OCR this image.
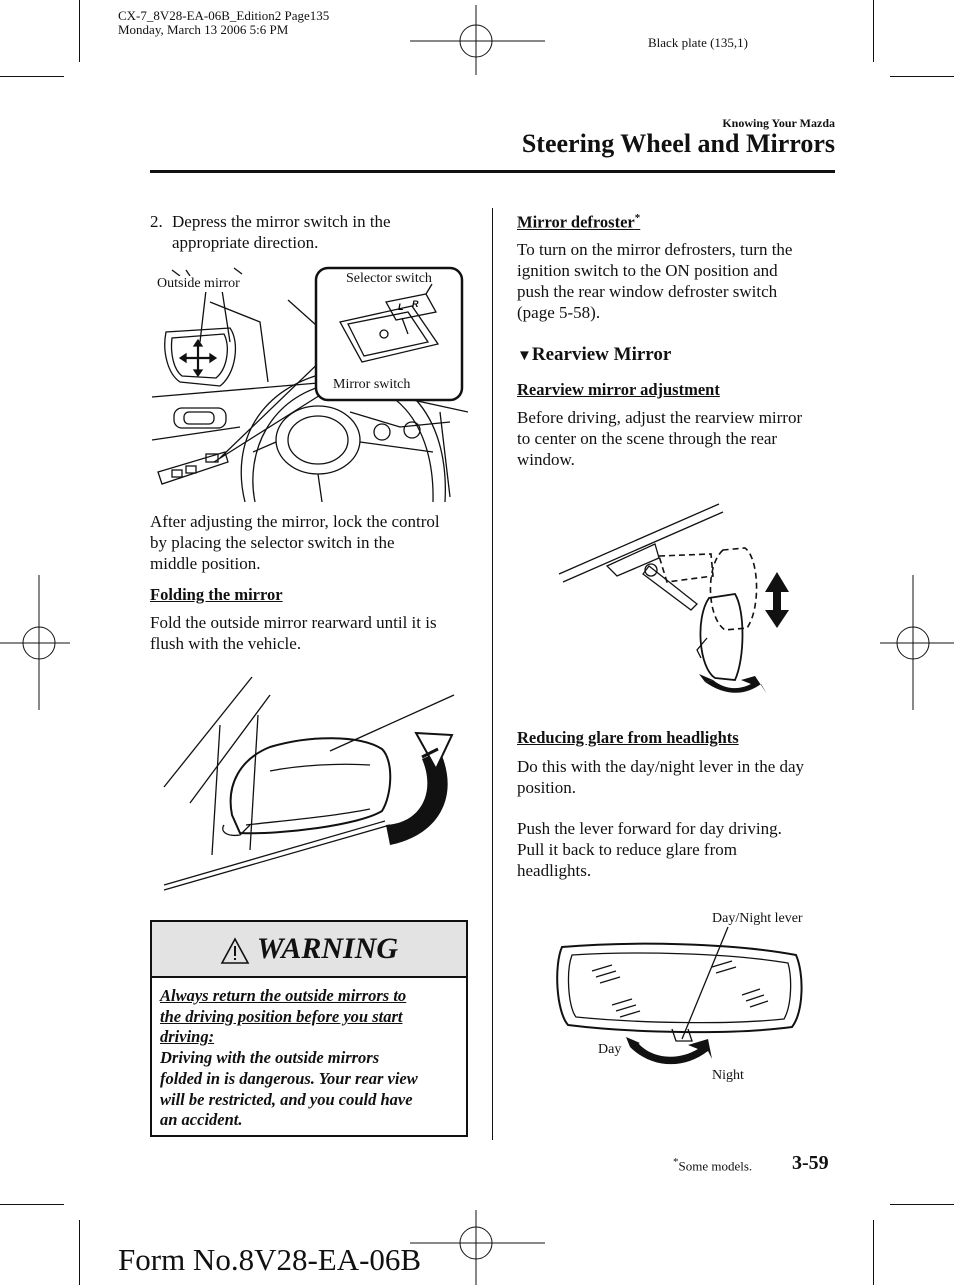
CX-7_8V28-EA-06B_Edition2 Page135
Monday, March 13 2006 5:6 PM
Black plate (135,1)
Knowing Your Mazda
Steering Wheel and Mirrors
2. Depress the mirror switch in the
appropriate direction.
L R
Outside mirror	Selector switch
Mirror switch
After adjusting the mirror, lock the control
by placing the selector switch in the
middle position.
Folding the mirror
Fold the outside mirror rearward until it is
flush with the vehicle.
WARNING
Always return the outside mirrors to
the driving position before you start
driving:
Driving with the outside mirrors
folded in is dangerous. Your rear view
will be restricted, and you could have
an accident.
Mirror defroster*
To turn on the mirror defrosters, turn the
ignition switch to the ON position and
push the rear window defroster switch
(page 5-58).
▼Rearview Mirror
Rearview mirror adjustment
Before driving, adjust the rearview mirror
to center on the scene through the rear
window.
Reducing glare from headlights
Do this with the day/night lever in the day
position.
Push the lever forward for day driving.
Pull it back to reduce glare from
headlights.
Day/Night lever
Day
Night
*Some models. 3-59
Form No.8V28-EA-06B
